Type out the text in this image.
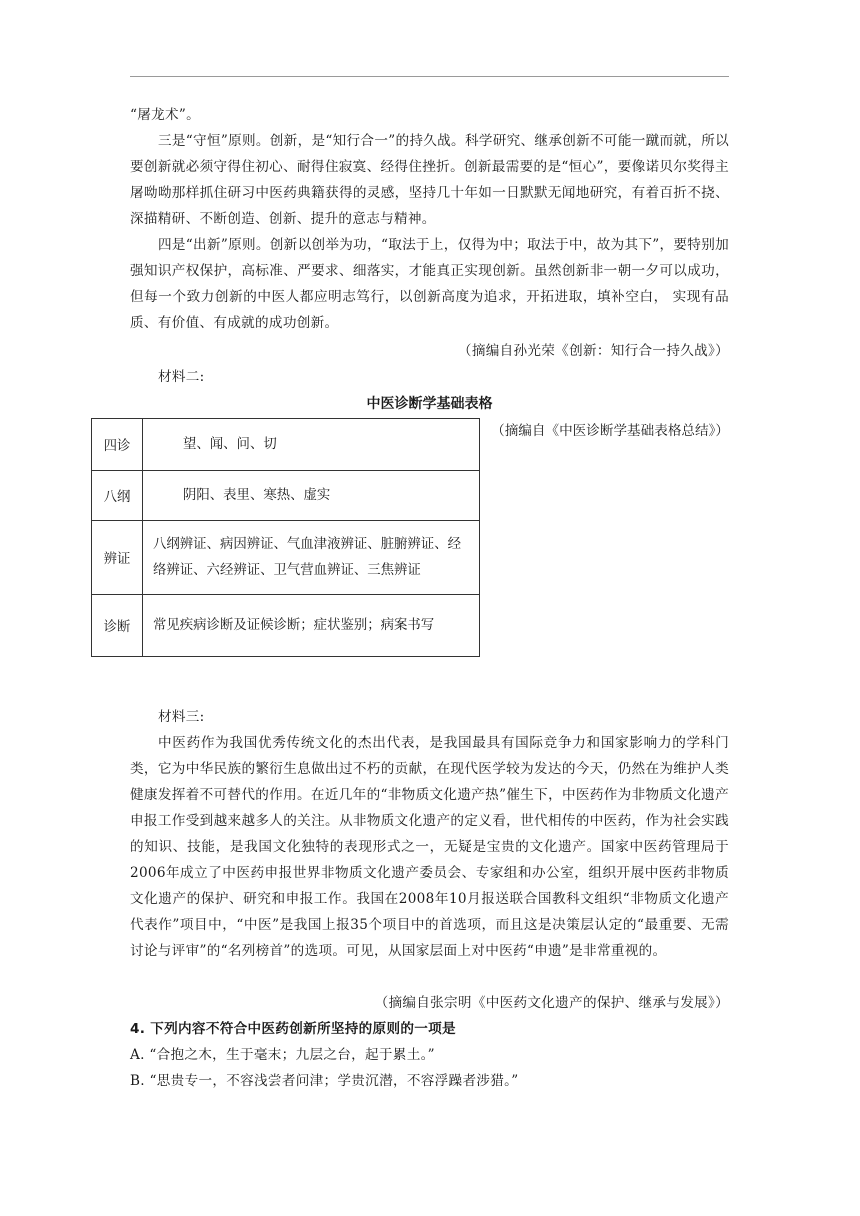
“屠龙术”。

三是“守恒”原则。创新，是“知行合一”的持久战。科学研究、继承创新不可能一蹴而就，所以要创新就必须守得住初心、耐得住寂寞、经得住挫折。创新最需要的是“恒心”，要像诺贝尔奖得主屠呦呦那样抓住研习中医药典籍获得的灵感，坚持几十年如一日默默无闻地研究，有着百折不挠、深描精研、不断创造、创新、提升的意志与精神。

四是“出新”原则。创新以创举为功，“取法于上，仅得为中；取法于中，故为其下”，要特别加强知识产权保护，高标准、严要求、细落实，才能真正实现创新。虽然创新非一朝一夕可以成功，但每一个致力创新的中医人都应明志笃行，以创新高度为追求，开拓进取，填补空白， 实现有品质、有价值、有成就的成功创新。

（摘编自孙光荣《创新：知行合一持久战》）

材料二:

中医诊断学基础表格
（摘编自《中医诊断学基础表格总结》）
四诊	望、闻、问、切
八纲	阴阳、表里、寒热、虚实
辨证	八纲辨证、病因辨证、气血津液辨证、脏腑辨证、经络辨证、六经辨证、卫气营血辨证、三焦辨证
诊断	常见疾病诊断及证候诊断；症状鉴别；病案书写

材料三:

中医药作为我国优秀传统文化的杰出代表，是我国最具有国际竞争力和国家影响力的学科门类，它为中华民族的繁衍生息做出过不朽的贡献，在现代医学较为发达的今天，仍然在为维护人类健康发挥着不可替代的作用。在近几年的“非物质文化遗产热”催生下，中医药作为非物质文化遗产申报工作受到越来越多人的关注。从非物质文化遗产的定义看，世代相传的中医药，作为社会实践的知识、技能，是我国文化独特的表现形式之一，无疑是宝贵的文化遗产。国家中医药管理局于2006年成立了中医药申报世界非物质文化遗产委员会、专家组和办公室，组织开展中医药非物质文化遗产的保护、研究和申报工作。我国在2008年10月报送联合国教科文组织“非物质文化遗产代表作”项目中，“中医”是我国上报35个项目中的首选项，而且这是决策层认定的“最重要、无需讨论与评审”的“名列榜首”的选项。可见，从国家层面上对中医药“申遗”是非常重视的。

（摘编自张宗明《中医药文化遗产的保护、继承与发展》）

4. 下列内容不符合中医药创新所坚持的原则的一项是

A. “合抱之木，生于毫末；九层之台，起于累土。”

B. “思贵专一，不容浅尝者问津；学贵沉潜，不容浮躁者涉猎。”
